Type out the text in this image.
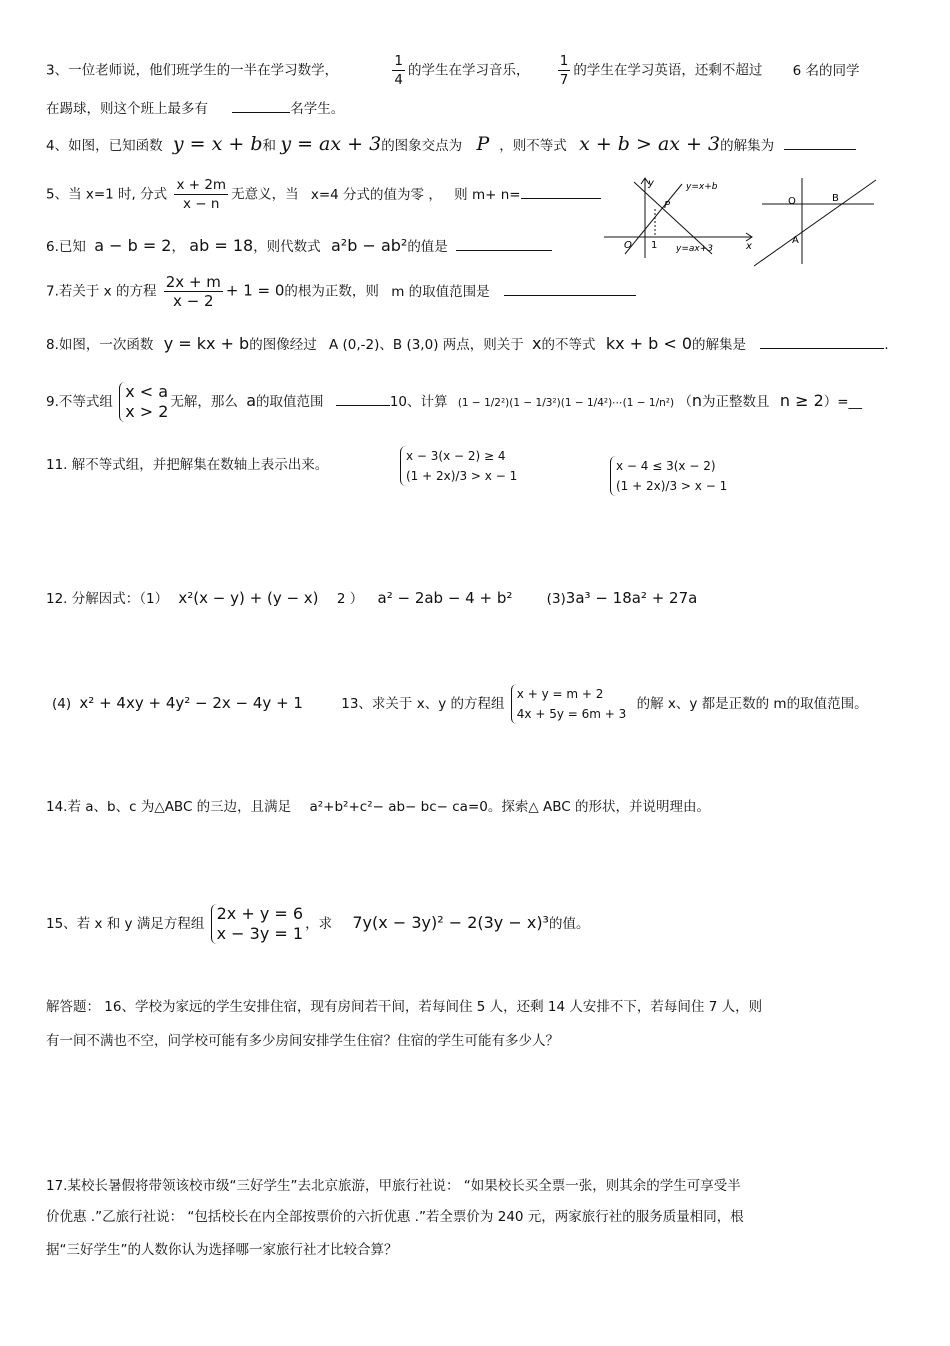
3、一位老师说，他们班学生的一半在学习数学，	$\frac{1}{4}$ 的学生在学习音乐， $\frac{1}{7}$ 的学生在学习英语，还剩不超过 6 名的同学
在踢球，则这个班上最多有	名学生。
4、如图，已知函数 y = x + b和 y = ax + 3的图象交点为 P ，则不等式 x + b > ax + 3的解集为
5、当 x=1 时, 分式 $\frac{x + 2m}{x - n}$ 无意义，当 x=4 分式的值为零 ， 则 m+ n=
6.已知 a − b = 2， ab = 18，则代数式 a²b − ab²的值是
7.若关于 x 的方程 $\frac{2x + m}{x - 2} + 1 = 0$的根为正数，则 m 的取值范围是
8.如图，一次函数 y = kx + b的图像经过 A (0,-2)、B (3,0) 两点，则关于 x的不等式 kx + b < 0的解集是	.
9.不等式组
x < a
x > 2 无解，那么 a的取值范围	10、计算 (1 − 1/2²)(1 − 1/3²)(1 − 1/4²)⋯(1 − 1/n²) （n为正整数且 n ≥ 2）=__
11. 解不等式组，并把解集在数轴上表示出来。
x − 3(x − 2) ≥ 4
(1 + 2x)/3 > x − 1
x − 4 ≤ 3(x − 2)
(1 + 2x)/3 > x − 1
12. 分解因式：（1） x²(x − y) + (y − x) 2 ） a² − 2ab − 4 + b²	(3)3a³ − 18a² + 27a
(4) x² + 4xy + 4y² − 2x − 4y + 1	13、求关于 x、y 的方程组
x + y = m + 2
4x + 5y = 6m + 3
的解 x、y 都是正数的 m的取值范围。
14.若 a、b、c 为△ABC 的三边，且满足 a²+b²+c²− ab− bc− ca=0。探索△ ABC 的形状，并说明理由。
15、若 x 和 y 满足方程组
2x + y = 6
x − 3y = 1 ，求 7y(x − 3y)² − 2(3y − x)³的值。
解答题： 16、学校为家远的学生安排住宿，现有房间若干间，若每间住 5 人，还剩 14 人安排不下，若每间住 7 人，则
有一间不满也不空，问学校可能有多少房间安排学生住宿？住宿的学生可能有多少人？
17.某校长暑假将带领该校市级“三好学生”去北京旅游，甲旅行社说： “如果校长买全票一张，则其余的学生可享受半
价优惠 .”乙旅行社说： “包括校长在内全部按票价的六折优惠 .”若全票价为 240 元，两家旅行社的服务质量相同，根
据“三好学生”的人数你认为选择哪一家旅行社才比较合算？
y
x
O 1
P
y=x+b
y=ax+3
O	B
A
